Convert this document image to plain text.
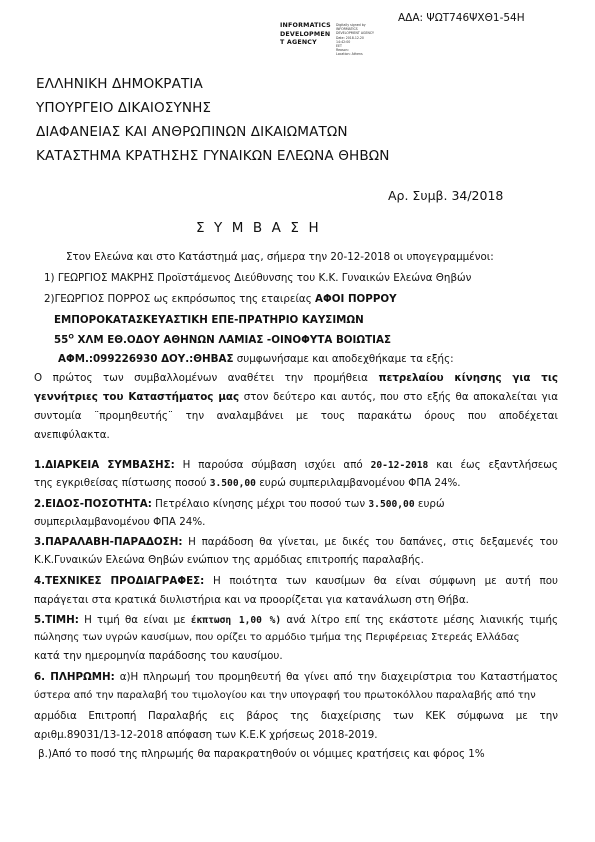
ΑΔΑ: ΨΩΤ746ΨΧΘ1-54Η
INFORMATICS
DEVELOPMEN
T AGENCY
Digitally signed by
INFORMATICS
DEVELOPMENT AGENCY
Date: 2018.12.20
14:42:00
EET
Reason:
Location: Athens
ΕΛΛΗΝΙΚΗ ΔΗΜΟΚΡΑΤΙΑ
ΥΠΟΥΡΓΕΙΟ ΔΙΚΑΙΟΣΥΝΗΣ
ΔΙΑΦΑΝΕΙΑΣ ΚΑΙ ΑΝΘΡΩΠΙΝΩΝ ΔΙΚΑΙΩΜΑΤΩΝ
ΚΑΤΑΣΤΗΜΑ ΚΡΑΤΗΣΗΣ ΓΥΝΑΙΚΩΝ ΕΛΕΩΝΑ ΘΗΒΩΝ
Αρ. Συμβ. 34/2018
ΣΥΜΒΑΣΗ
Στον Ελεώνα και στο Κατάστημά μας, σήμερα την 20-12-2018 οι υπογεγραμμένοι:
1) ΓΕΩΡΓΙΟΣ ΜΑΚΡΗΣ Προϊστάμενος Διεύθυνσης του Κ.Κ. Γυναικών Ελεώνα Θηβών
2)ΓΕΩΡΓΙΟΣ ΠΟΡΡΟΣ ως εκπρόσωπος της εταιρείας ΑΦΟΙ ΠΟΡΡΟΥ
ΕΜΠΟΡΟΚΑΤΑΣΚΕΥΑΣΤΙΚΗ ΕΠΕ-ΠΡΑΤΗΡΙΟ ΚΑΥΣΙΜΩΝ
$55^O$ ΧΛΜ ΕΘ.ΟΔΟΥ ΑΘΗΝΩΝ ΛΑΜΙΑΣ -ΟΙΝΟΦΥΤΑ ΒΟΙΩΤΙΑΣ
ΑΦΜ.:099226930 ΔΟΥ.:ΘΗΒΑΣ συμφωνήσαμε και αποδεχθήκαμε τα εξής:
Ο πρώτος των συμβαλλομένων αναθέτει την προμήθεια πετρελαίου κίνησης για τις
γεννήτριες του Καταστήματος μας στον δεύτερο και αυτός, που στο εξής θα αποκαλείται για
συντομία ¨προμηθευτής¨ την αναλαμβάνει με τους παρακάτω όρους που αποδέχεται
ανεπιφύλακτα.
1.ΔΙΑΡΚΕΙΑ ΣΥΜΒΑΣΗΣ: Η παρούσα σύμβαση ισχύει από 20-12-2018 και έως εξαντλήσεως
της εγκριθείσας πίστωσης ποσού 3.500,00 ευρώ συμπεριλαμβανομένου ΦΠΑ 24%.
2.ΕΙΔΟΣ-ΠΟΣΟΤΗΤΑ: Πετρέλαιο κίνησης μέχρι του ποσού των 3.500,00 ευρώ
συμπεριλαμβανομένου ΦΠΑ 24%.
3.ΠΑΡΑΛΑΒΗ-ΠΑΡΑΔΟΣΗ: Η παράδοση θα γίνεται, με δικές του δαπάνες, στις δεξαμενές του
Κ.Κ.Γυναικών Ελεώνα Θηβών ενώπιον της αρμόδιας επιτροπής παραλαβής.
4.ΤΕΧΝΙΚΕΣ ΠΡΟΔΙΑΓΡΑΦΕΣ: Η ποιότητα των καυσίμων θα είναι σύμφωνη με αυτή που
παράγεται στα κρατικά διυλιστήρια και να προορίζεται για κατανάλωση στη Θήβα.
5.ΤΙΜΗ: Η τιμή θα είναι με έκπτωση 1,00 %) ανά λίτρο επί της εκάστοτε μέσης λιανικής τιμής
πώλησης των υγρών καυσίμων, που ορίζει το αρμόδιο τμήμα της Περιφέρειας Στερεάς Ελλάδας
κατά την ημερομηνία παράδοσης του καυσίμου.
6. ΠΛΗΡΩΜΗ: α)Η πληρωμή του προμηθευτή θα γίνει από την διαχειρίστρια του Καταστήματος
ύστερα από την παραλαβή του τιμολογίου και την υπογραφή του πρωτοκόλλου παραλαβής από την
αρμόδια Επιτροπή Παραλαβής εις βάρος της διαχείρισης των ΚΕΚ σύμφωνα με την
αριθμ.89031/13-12-2018 απόφαση των Κ.Ε.Κ χρήσεως 2018-2019.
β.)Από το ποσό της πληρωμής θα παρακρατηθούν οι νόμιμες κρατήσεις και φόρος 1%
